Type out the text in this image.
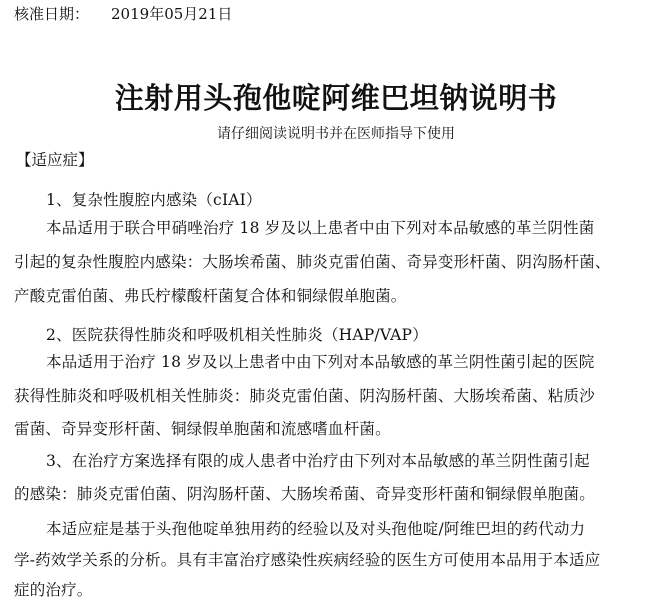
核准日期： 2019年05月21日
注射用头孢他啶阿维巴坦钠说明书
请仔细阅读说明书并在医师指导下使用
【适应症】
1、复杂性腹腔内感染（cIAI）
本品适用于联合甲硝唑治疗 18 岁及以上患者中由下列对本品敏感的革兰阴性菌
引起的复杂性腹腔内感染：大肠埃希菌、肺炎克雷伯菌、奇异变形杆菌、阴沟肠杆菌、
产酸克雷伯菌、弗氏柠檬酸杆菌复合体和铜绿假单胞菌。
2、医院获得性肺炎和呼吸机相关性肺炎（HAP/VAP）
本品适用于治疗 18 岁及以上患者中由下列对本品敏感的革兰阴性菌引起的医院
获得性肺炎和呼吸机相关性肺炎：肺炎克雷伯菌、阴沟肠杆菌、大肠埃希菌、粘质沙
雷菌、奇异变形杆菌、铜绿假单胞菌和流感嗜血杆菌。
3、在治疗方案选择有限的成人患者中治疗由下列对本品敏感的革兰阴性菌引起
的感染：肺炎克雷伯菌、阴沟肠杆菌、大肠埃希菌、奇异变形杆菌和铜绿假单胞菌。
本适应症是基于头孢他啶单独用药的经验以及对头孢他啶/阿维巴坦的药代动力
学-药效学关系的分析。具有丰富治疗感染性疾病经验的医生方可使用本品用于本适应
症的治疗。
